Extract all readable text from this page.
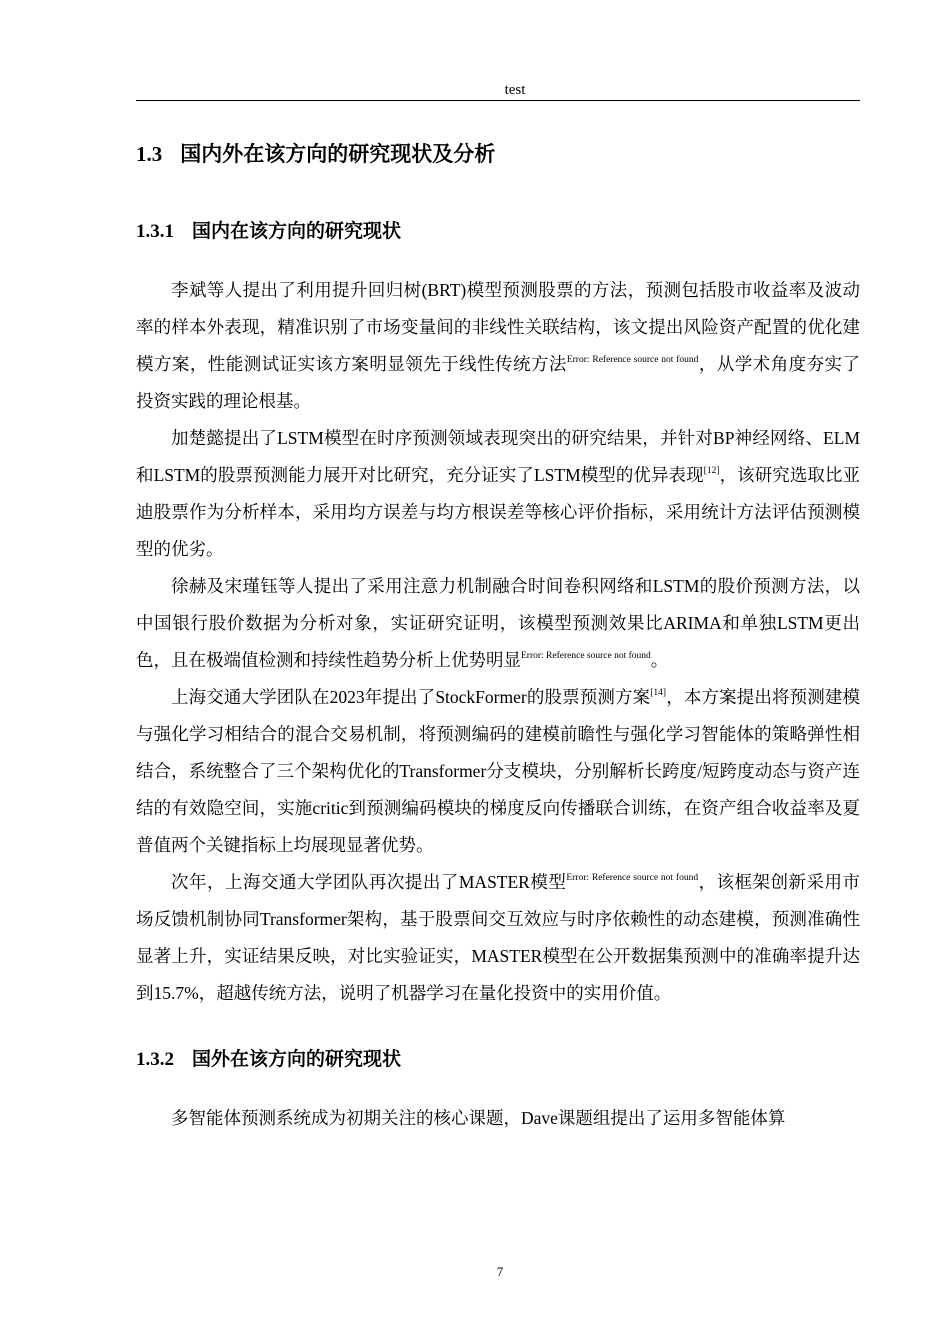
test
1.3 国内外在该方向的研究现状及分析
1.3.1 国内在该方向的研究现状

李斌等人提出了利用提升回归树(BRT)模型预测股票的方法，预测包括股市收益率及波动率的样本外表现，精准识别了市场变量间的非线性关联结构，该文提出风险资产配置的优化建模方案，性能测试证实该方案明显领先于线性传统方法$^{Error: Reference source not found}$，从学术角度夯实了投资实践的理论根基。

加楚懿提出了LSTM模型在时序预测领域表现突出的研究结果，并针对BP神经网络、ELM和LSTM的股票预测能力展开对比研究，充分证实了LSTM模型的优异表现[12]，该研究选取比亚迪股票作为分析样本，采用均方误差与均方根误差等核心评价指标，采用统计方法评估预测模型的优劣。

徐赫及宋瑾钰等人提出了采用注意力机制融合时间卷积网络和LSTM的股价预测方法，以中国银行股价数据为分析对象，实证研究证明，该模型预测效果比ARIMA和单独LSTM更出色，且在极端值检测和持续性趋势分析上优势明显$^{Error: Reference source not found}$。

上海交通大学团队在2023年提出了StockFormer的股票预测方案[14]，本方案提出将预测建模与强化学习相结合的混合交易机制，将预测编码的建模前瞻性与强化学习智能体的策略弹性相结合，系统整合了三个架构优化的Transformer分支模块，分别解析长跨度/短跨度动态与资产连结的有效隐空间，实施critic到预测编码模块的梯度反向传播联合训练，在资产组合收益率及夏普值两个关键指标上均展现显著优势。

次年，上海交通大学团队再次提出了MASTER模型$^{Error: Reference source not found}$，该框架创新采用市场反馈机制协同Transformer架构，基于股票间交互效应与时序依赖性的动态建模，预测准确性显著上升，实证结果反映，对比实验证实，MASTER模型在公开数据集预测中的准确率提升达到15.7%，超越传统方法，说明了机器学习在量化投资中的实用价值。

1.3.2 国外在该方向的研究现状

多智能体预测系统成为初期关注的核心课题，Dave课题组提出了运用多智能体算

7
